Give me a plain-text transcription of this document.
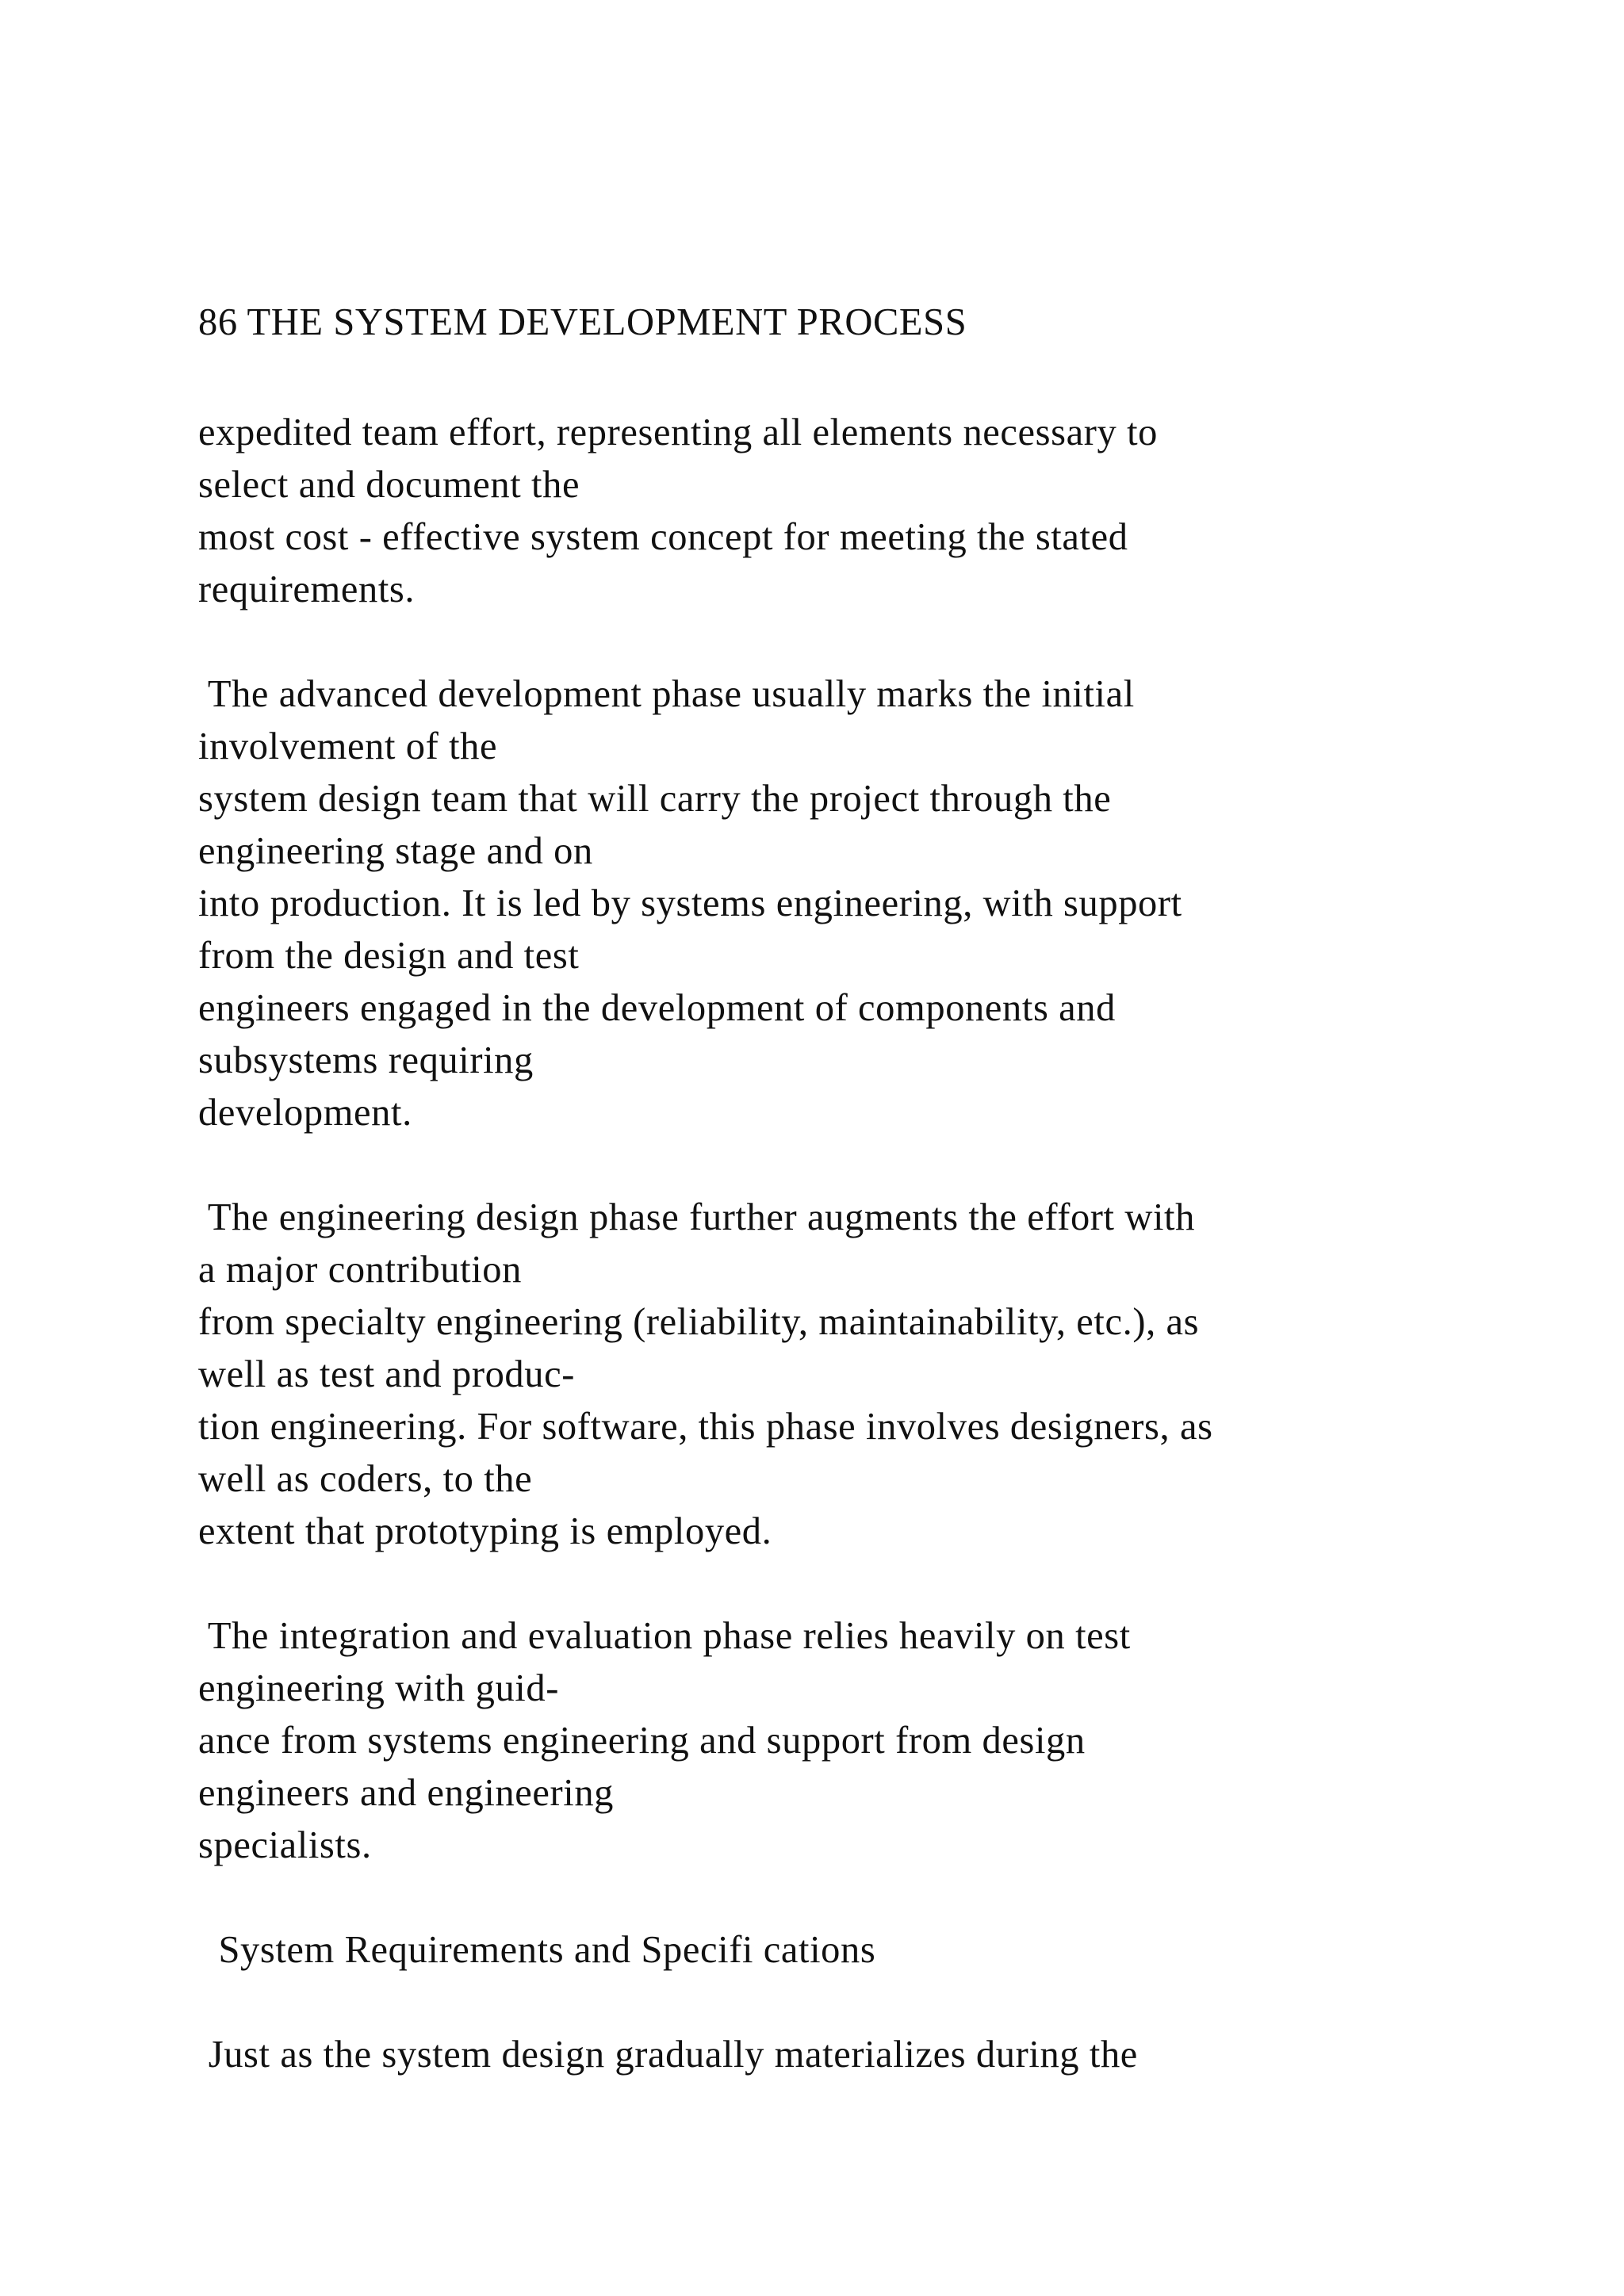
86 THE SYSTEM DEVELOPMENT PROCESS

expedited team effort, representing all elements necessary to

select and document the

most cost - effective system concept for meeting the stated

requirements.

The advanced development phase usually marks the initial

involvement of the

system design team that will carry the project through the

engineering stage and on

into production. It is led by systems engineering, with support

from the design and test

engineers engaged in the development of components and

subsystems requiring

development.

The engineering design phase further augments the effort with

a major contribution

from specialty engineering (reliability, maintainability, etc.), as

well as test and produc-

tion engineering. For software, this phase involves designers, as

well as coders, to the

extent that prototyping is employed.

The integration and evaluation phase relies heavily on test

engineering with guid-

ance from systems engineering and support from design

engineers and engineering

specialists.

System Requirements and Specifi cations

Just as the system design gradually materializes during the
